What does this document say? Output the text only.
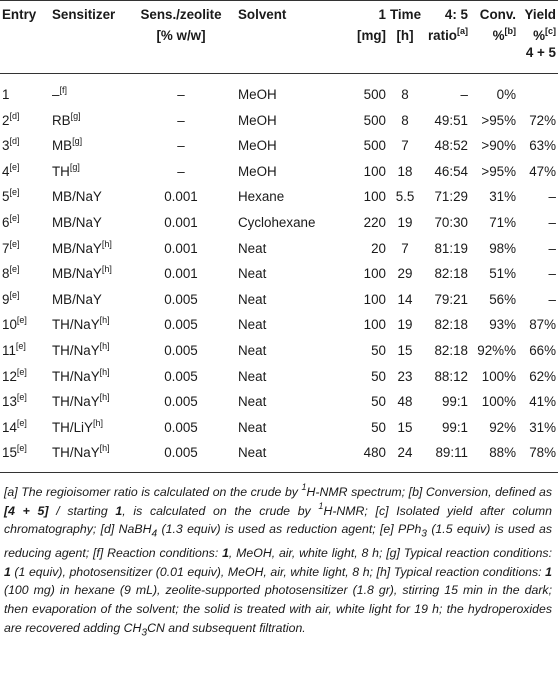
Entry	Sensitizer	Sens./zeolite	Solvent	1	Time	4: 5	Conv.	Yield
		[% w/w]		[mg]	[h]	ratio[a]	%[b]	%[c]
								4 + 5
1	–[f]	–	MeOH	500	8	–	0%	
2[d]	RB[g]	–	MeOH	500	8	49:51	>95%	72%
3[d]	MB[g]	–	MeOH	500	7	48:52	>90%	63%
4[e]	TH[g]	–	MeOH	100	18	46:54	>95%	47%
5[e]	MB/NaY	0.001	Hexane	100	5.5	71:29	31%	–
6[e]	MB/NaY	0.001	Cyclohexane	220	19	70:30	71%	–
7[e]	MB/NaY[h]	0.001	Neat	20	7	81:19	98%	–
8[e]	MB/NaY[h]	0.001	Neat	100	29	82:18	51%	–
9[e]	MB/NaY	0.005	Neat	100	14	79:21	56%	–
10[e]	TH/NaY[h]	0.005	Neat	100	19	82:18	93%	87%
11[e]	TH/NaY[h]	0.005	Neat	50	15	82:18	92%%	66%
12[e]	TH/NaY[h]	0.005	Neat	50	23	88:12	100%	62%
13[e]	TH/NaY[h]	0.005	Neat	50	48	99:1	100%	41%
14[e]	TH/LiY[h]	0.005	Neat	50	15	99:1	92%	31%
15[e]	TH/NaY[h]	0.005	Neat	480	24	89:11	88%	78%
[a] The regioisomer ratio is calculated on the crude by $^1$H-NMR spectrum; [b] Conversion, defined as [4 + 5] / starting 1, is calculated on the crude by $^1$H-NMR; [c] Isolated yield after column chromatography; [d] NaBH$_4$ (1.3 equiv) is used as reduction agent; [e] PPh$_3$ (1.5 equiv) is used as reducing agent; [f] Reaction conditions: 1, MeOH, air, white light, 8 h; [g] Typical reaction conditions: 1 (1 equiv), photosensitizer (0.01 equiv), MeOH, air, white light, 8 h; [h] Typical reaction conditions: 1 (100 mg) in hexane (9 mL), zeolite-supported photosensitizer (1.8 gr), stirring 15 min in the dark; then evaporation of the solvent; the solid is treated with air, white light for 19 h; the hydroperoxides are recovered adding $CH_3CN$ and subsequent filtration.
